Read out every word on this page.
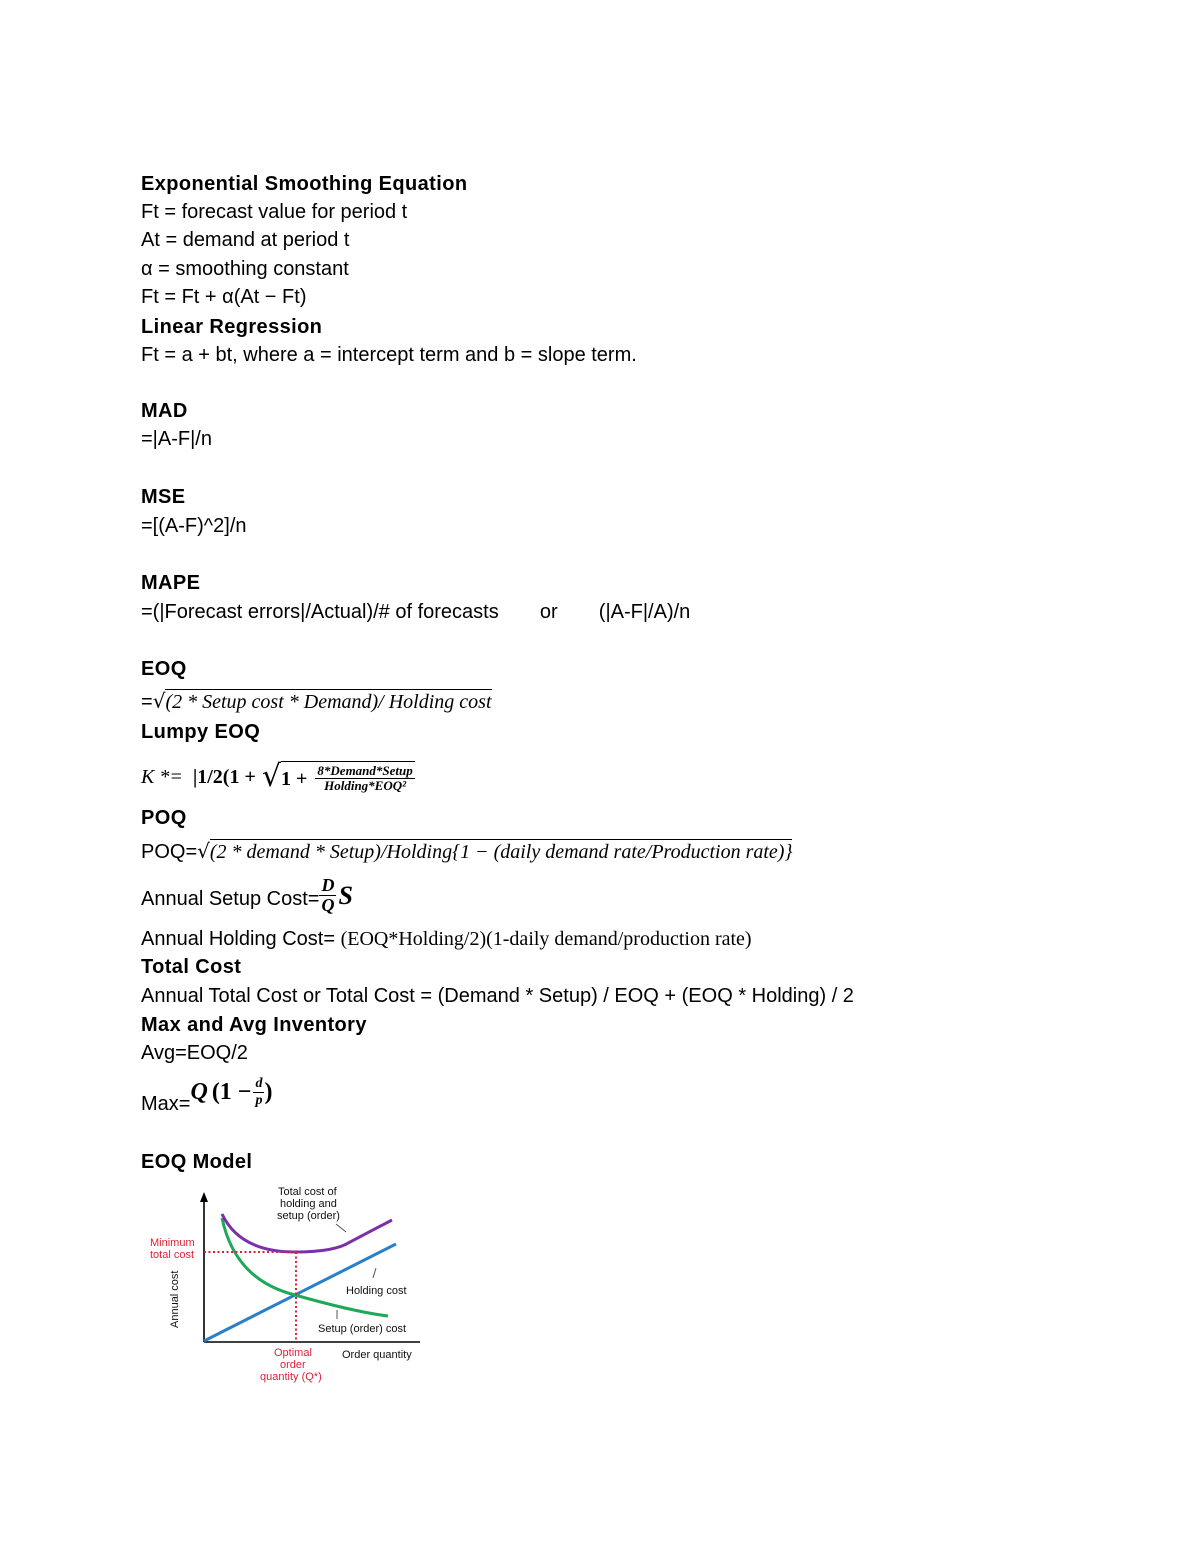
Exponential Smoothing Equation
Ft = forecast value for period t
At = demand at period t
α = smoothing constant
Ft = Ft + α(At − Ft)
Linear Regression
Ft = a + bt, where a = intercept term and b = slope term.
MAD
=|A-F|/n
MSE
=[(A-F)^2]/n
MAPE
=(|Forecast errors|/Actual)/# of forecasts or (|A-F|/A)/n
EOQ
=√(2 * Setup cost * Demand)/ Holding cost
Lumpy EOQ
K *= |1/2(1 + √ $1 + \frac{\text{8*Demand*Setup}}{\text{Holding*EOQ²}}$
POQ
POQ=√(2 * demand * Setup)/Holding{1 − (daily demand rate/Production rate)}
Annual Setup Cost= $\frac{D}{Q}$ S
Annual Holding Cost= (EOQ*Holding/2)(1-daily demand/production rate)
Total Cost
Annual Total Cost or Total Cost = (Demand * Setup) / EOQ + (EOQ * Holding) / 2
Max and Avg Inventory
Avg=EOQ/2
Max= Q ($1 - \frac{d}{p}$ )
EOQ Model
Total cost of
holding and
setup (order)
Minimum
total cost
Annual cost	Holding cost
Setup (order) cost
Optimal
order
quantity (Q*)
Order quantity
